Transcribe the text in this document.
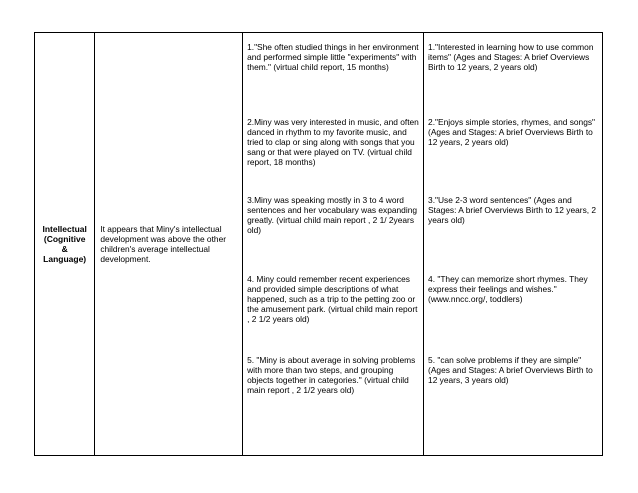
Intellectual
(Cognitive
&
Language)

It appears that Miny's intellectual development was above the other children's average intellectual development.

1."She often studied things in her environment and performed simple little "experiments" with them." (virtual child report, 15 months)
2.Miny was very interested in music, and often danced in rhythm to my favorite music, and tried to clap or sing along with songs that you sang or that were played on TV. (virtual child report, 18 months)
3.Miny was speaking mostly in 3 to 4 word sentences and her vocabulary was expanding greatly. (virtual child main report , 2 1/ 2years old)
4. Miny could remember recent experiences and provided simple descriptions of what happened, such as a trip to the petting zoo or the amusement park. (virtual child main report , 2 1/2 years old)
5. "Miny is about average in solving problems with more than two steps, and grouping objects together in categories." (virtual child main report , 2 1/2 years old)

1."Interested in learning how to use common items" (Ages and Stages: A brief Overviews Birth to 12 years, 2 years old)
2."Enjoys simple stories, rhymes, and songs" (Ages and Stages: A brief Overviews Birth to 12 years, 2 years old)
3."Use 2-3 word sentences" (Ages and Stages: A brief Overviews Birth to 12 years, 2 years old)
4. "They can memorize short rhymes. They express their feelings and wishes." (www.nncc.org/, toddlers)
5. "can solve problems if they are simple" (Ages and Stages: A brief Overviews Birth to 12 years, 3 years old)
